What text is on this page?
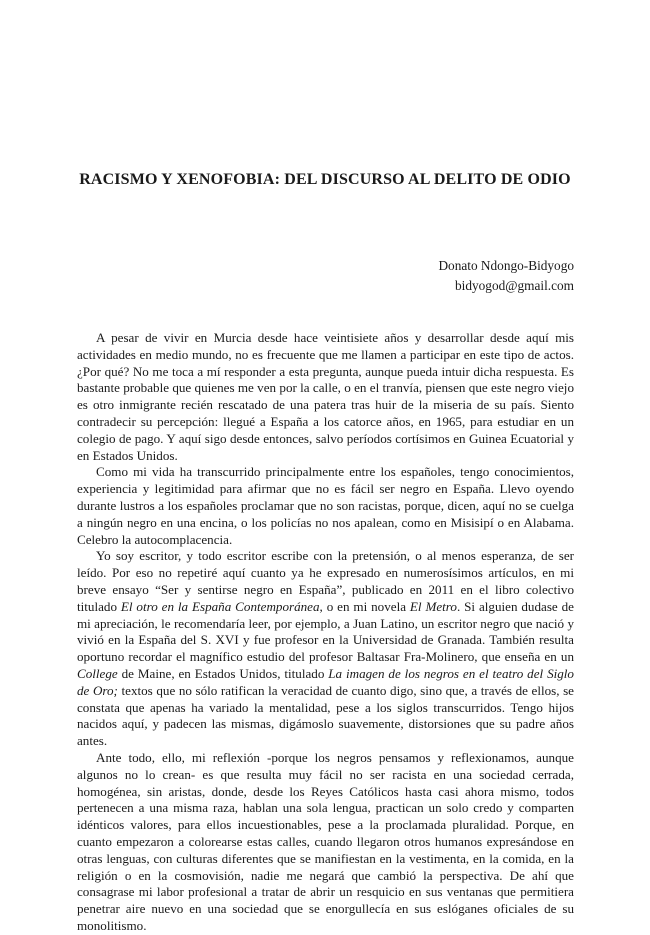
RACISMO Y XENOFOBIA: DEL DISCURSO AL DELITO DE ODIO
Donato Ndongo-Bidyogo
bidyogod@gmail.com

A pesar de vivir en Murcia desde hace veintisiete años y desarrollar desde aquí mis actividades en medio mundo, no es frecuente que me llamen a participar en este tipo de actos. ¿Por qué? No me toca a mí responder a esta pregunta, aunque pueda intuir dicha respuesta. Es bastante probable que quienes me ven por la calle, o en el tranvía, piensen que este negro viejo es otro inmigrante recién rescatado de una patera tras huir de la miseria de su país. Siento contradecir su percepción: llegué a España a los catorce años, en 1965, para estudiar en un colegio de pago. Y aquí sigo desde entonces, salvo períodos cortísimos en Guinea Ecuatorial y en Estados Unidos.

Como mi vida ha transcurrido principalmente entre los españoles, tengo conocimientos, experiencia y legitimidad para afirmar que no es fácil ser negro en España. Llevo oyendo durante lustros a los españoles proclamar que no son racistas, porque, dicen, aquí no se cuelga a ningún negro en una encina, o los policías no nos apalean, como en Misisipí o en Alabama. Celebro la autocomplacencia.

Yo soy escritor, y todo escritor escribe con la pretensión, o al menos esperanza, de ser leído. Por eso no repetiré aquí cuanto ya he expresado en numerosísimos artículos, en mi breve ensayo “Ser y sentirse negro en España”, publicado en 2011 en el libro colectivo titulado El otro en la España Contemporánea, o en mi novela El Metro. Si alguien dudase de mi apreciación, le recomendaría leer, por ejemplo, a Juan Latino, un escritor negro que nació y vivió en la España del S. XVI y fue profesor en la Universidad de Granada. También resulta oportuno recordar el magnífico estudio del profesor Baltasar Fra-Molinero, que enseña en un College de Maine, en Estados Unidos, titulado La imagen de los negros en el teatro del Siglo de Oro; textos que no sólo ratifican la veracidad de cuanto digo, sino que, a través de ellos, se constata que apenas ha variado la mentalidad, pese a los siglos transcurridos. Tengo hijos nacidos aquí, y padecen las mismas, digámoslo suavemente, distorsiones que su padre años antes.

Ante todo, ello, mi reflexión -porque los negros pensamos y reflexionamos, aunque algunos no lo crean- es que resulta muy fácil no ser racista en una sociedad cerrada, homogénea, sin aristas, donde, desde los Reyes Católicos hasta casi ahora mismo, todos pertenecen a una misma raza, hablan una sola lengua, practican un solo credo y comparten idénticos valores, para ellos incuestionables, pese a la proclamada pluralidad. Porque, en cuanto empezaron a colorearse estas calles, cuando llegaron otros humanos expresándose en otras lenguas, con culturas diferentes que se manifiestan en la vestimenta, en la comida, en la religión o en la cosmovisión, nadie me negará que cambió la perspectiva. De ahí que consagrase mi labor profesional a tratar de abrir un resquicio en sus ventanas que permitiera penetrar aire nuevo en una sociedad que se enorgullecía en sus eslóganes oficiales de su monolitismo.
